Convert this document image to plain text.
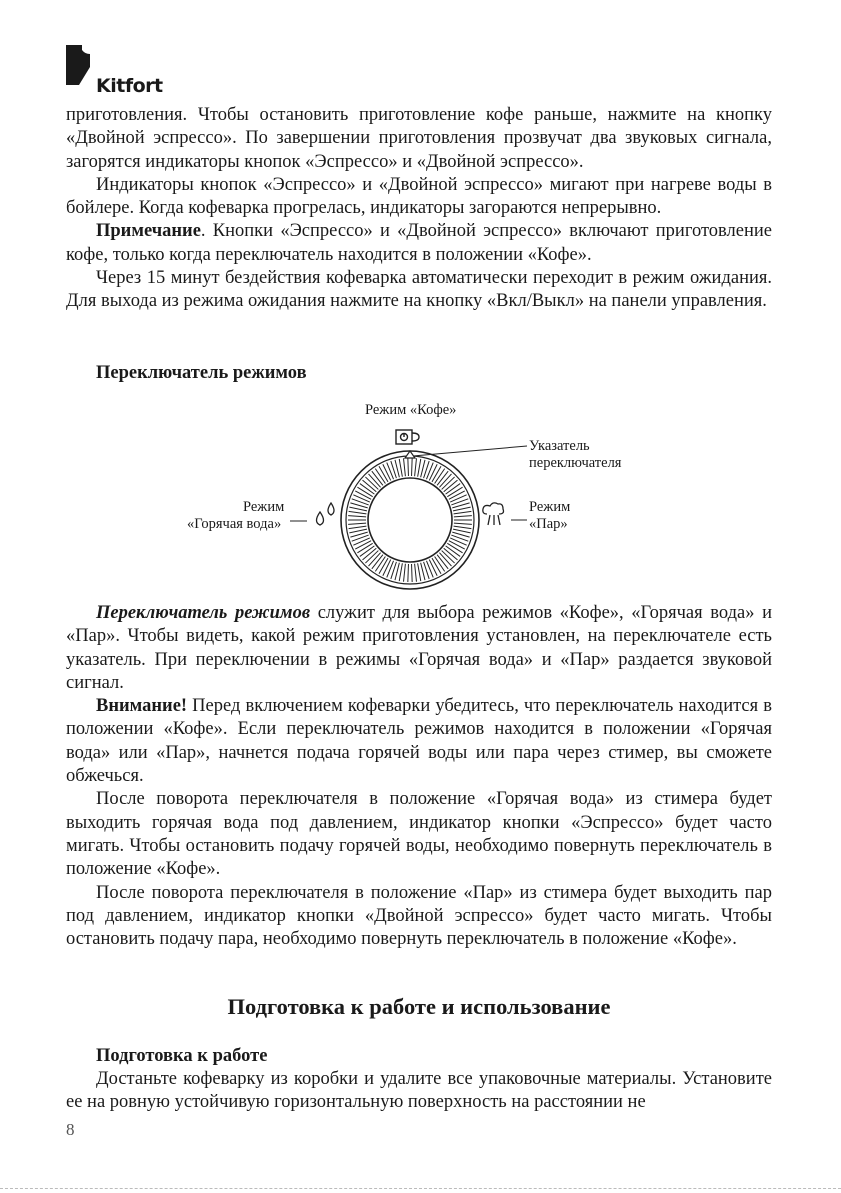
Kitfort

приготовления. Чтобы остановить приготовление кофе раньше, нажмите на кнопку «Двойной эспрессо». По завершении приготовления прозвучат два звуковых сигнала, загорятся индикаторы кнопок «Эспрессо» и «Двойной эспрессо».

Индикаторы кнопок «Эспрессо» и «Двойной эспрессо» мигают при нагреве воды в бойлере. Когда кофеварка прогрелась, индикаторы загораются непрерывно.

Примечание. Кнопки «Эспрессо» и «Двойной эспрессо» включают приготовление кофе, только когда переключатель находится в положении «Кофе».

Через 15 минут бездействия кофеварка автоматически переходит в режим ожидания. Для выхода из режима ожидания нажмите на кнопку «Вкл/Выкл» на панели управления.

Переключатель режимов

Режим «Кофе»
Указатель
переключателя
Режим
«Горячая вода»
Режим
«Пар»

Переключатель режимов служит для выбора режимов «Кофе», «Горячая вода» и «Пар». Чтобы видеть, какой режим приготовления установлен, на переключателе есть указатель. При переключении в режимы «Горячая вода» и «Пар» раздается звуковой сигнал.

Внимание! Перед включением кофеварки убедитесь, что переключатель находится в положении «Кофе». Если переключатель режимов находится в положении «Горячая вода» или «Пар», начнется подача горячей воды или пара через стимер, вы сможете обжечься.

После поворота переключателя в положение «Горячая вода» из стимера будет выходить горячая вода под давлением, индикатор кнопки «Эспрессо» будет часто мигать. Чтобы остановить подачу горячей воды, необходимо повернуть переключатель в положение «Кофе».

После поворота переключателя в положение «Пар» из стимера будет выходить пар под давлением, индикатор кнопки «Двойной эспрессо» будет часто мигать. Чтобы остановить подачу пара, необходимо повернуть переключатель в положение «Кофе».

Подготовка к работе и использование

Подготовка к работе

Достаньте кофеварку из коробки и удалите все упаковочные материалы. Установите ее на ровную устойчивую горизонтальную поверхность на расстоянии не

8
